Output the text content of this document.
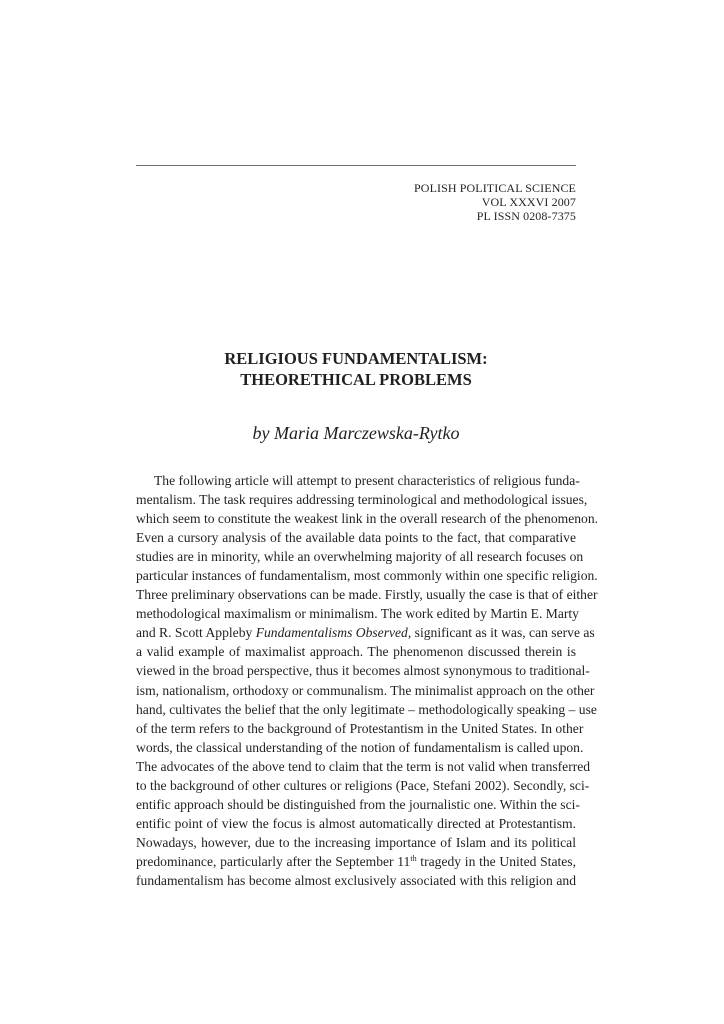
POLISH POLITICAL SCIENCE
VOL XXXVI 2007
PL ISSN 0208-7375
RELIGIOUS FUNDAMENTALISM:
THEORETHICAL PROBLEMS
by Maria Marczewska-Rytko
The following article will attempt to present characteristics of religious funda-
mentalism. The task requires addressing terminological and methodological issues,
which seem to constitute the weakest link in the overall research of the phenomenon.
Even a cursory analysis of the available data points to the fact, that comparative
studies are in minority, while an overwhelming majority of all research focuses on
particular instances of fundamentalism, most commonly within one specific religion.
Three preliminary observations can be made. Firstly, usually the case is that of either
methodological maximalism or minimalism. The work edited by Martin E. Marty
and R. Scott Appleby Fundamentalisms Observed, significant as it was, can serve as
a valid example of maximalist approach. The phenomenon discussed therein is
viewed in the broad perspective, thus it becomes almost synonymous to traditional-
ism, nationalism, orthodoxy or communalism. The minimalist approach on the other
hand, cultivates the belief that the only legitimate – methodologically speaking – use
of the term refers to the background of Protestantism in the United States. In other
words, the classical understanding of the notion of fundamentalism is called upon.
The advocates of the above tend to claim that the term is not valid when transferred
to the background of other cultures or religions (Pace, Stefani 2002). Secondly, sci-
entific approach should be distinguished from the journalistic one. Within the sci-
entific point of view the focus is almost automatically directed at Protestantism.
Nowadays, however, due to the increasing importance of Islam and its political
predominance, particularly after the September 11th tragedy in the United States,
fundamentalism has become almost exclusively associated with this religion and
